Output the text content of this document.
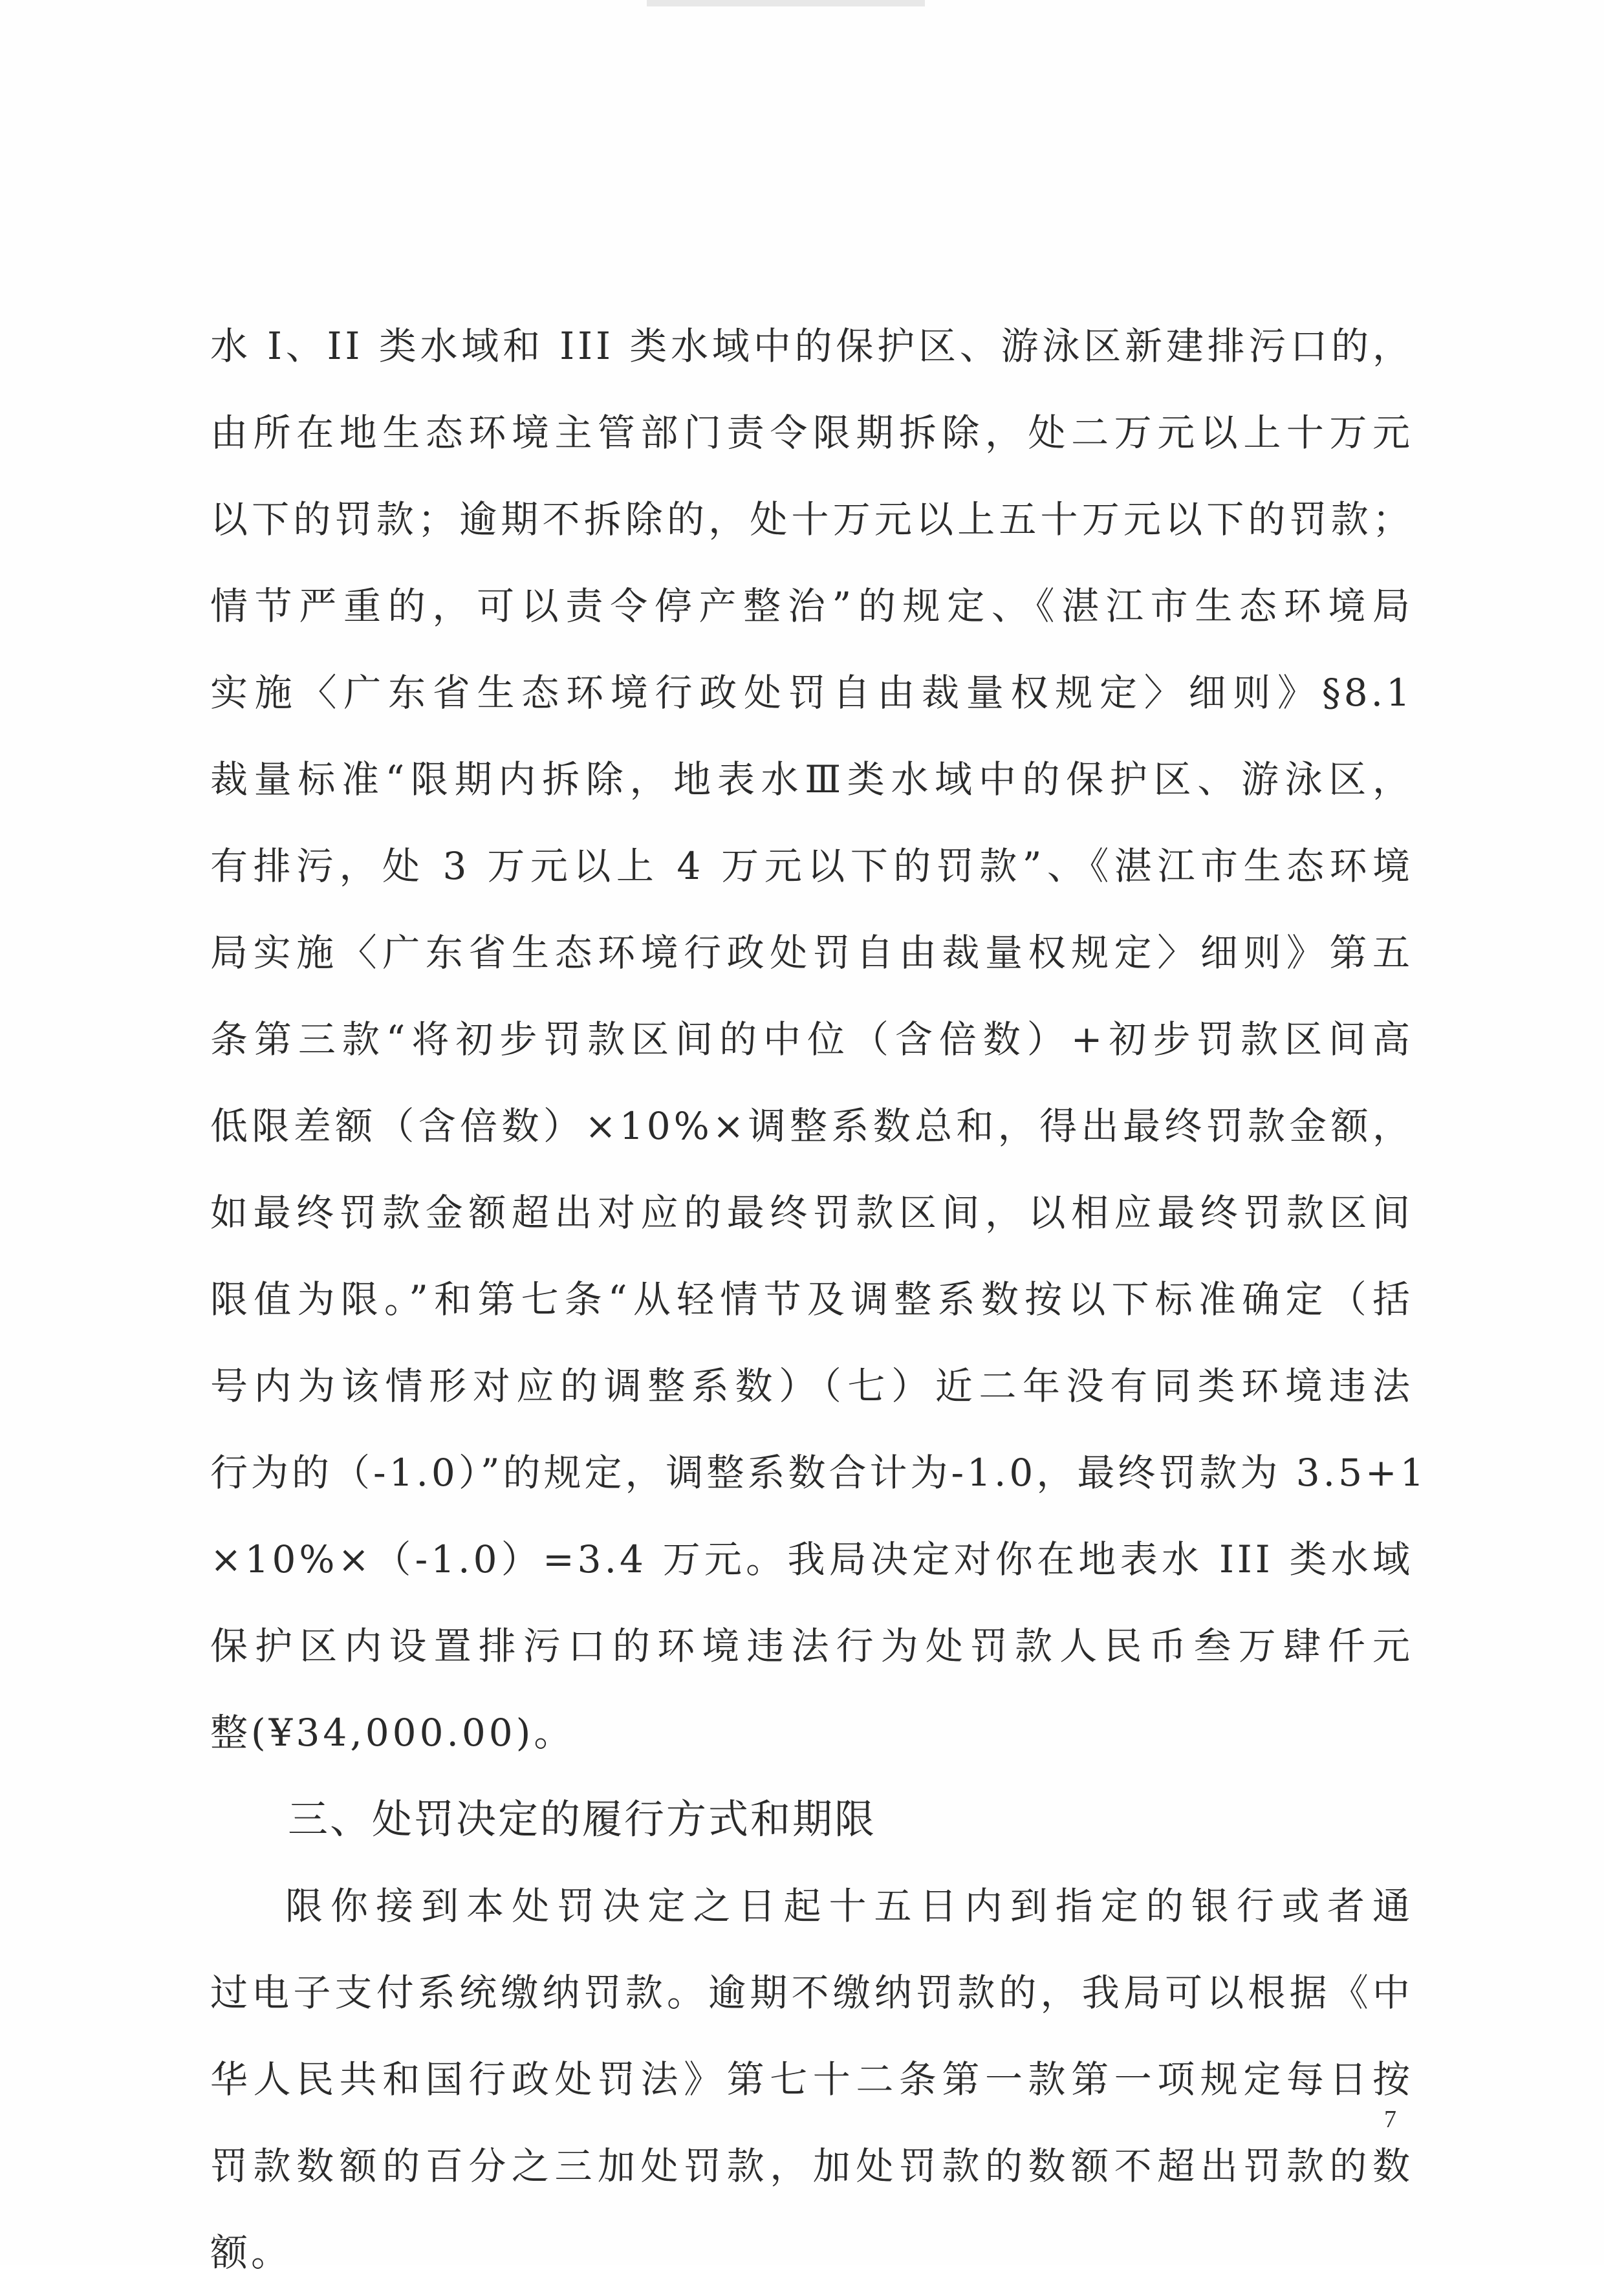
水 I、II 类水域和 III 类水域中的保护区、游泳区新建排污口的，
由所在地生态环境主管部门责令限期拆除，处二万元以上十万元
以下的罚款；逾期不拆除的，处十万元以上五十万元以下的罚款；
情节严重的，可以责令停产整治”的规定、《湛江市生态环境局
实施〈广东省生态环境行政处罚自由裁量权规定〉细则》§8.1
裁量标准“限期内拆除，地表水Ⅲ类水域中的保护区、游泳区，
有排污，处 3 万元以上 4 万元以下的罚款”、《湛江市生态环境
局实施〈广东省生态环境行政处罚自由裁量权规定〉细则》第五
条第三款“将初步罚款区间的中位（含倍数）+初步罚款区间高
低限差额（含倍数）×10%×调整系数总和，得出最终罚款金额，
如最终罚款金额超出对应的最终罚款区间，以相应最终罚款区间
限值为限。”和第七条“从轻情节及调整系数按以下标准确定（括
号内为该情形对应的调整系数）（七）近二年没有同类环境违法
行为的（-1.0）”的规定，调整系数合计为-1.0，最终罚款为 3.5+1
×10%×（-1.0）=3.4 万元。我局决定对你在地表水 III 类水域
保护区内设置排污口的环境违法行为处罚款人民币叁万肆仟元
整(¥34,000.00)。
三、处罚决定的履行方式和期限
限你接到本处罚决定之日起十五日内到指定的银行或者通
过电子支付系统缴纳罚款。逾期不缴纳罚款的，我局可以根据《中
华人民共和国行政处罚法》第七十二条第一款第一项规定每日按
罚款数额的百分之三加处罚款，加处罚款的数额不超出罚款的数
额。
7
